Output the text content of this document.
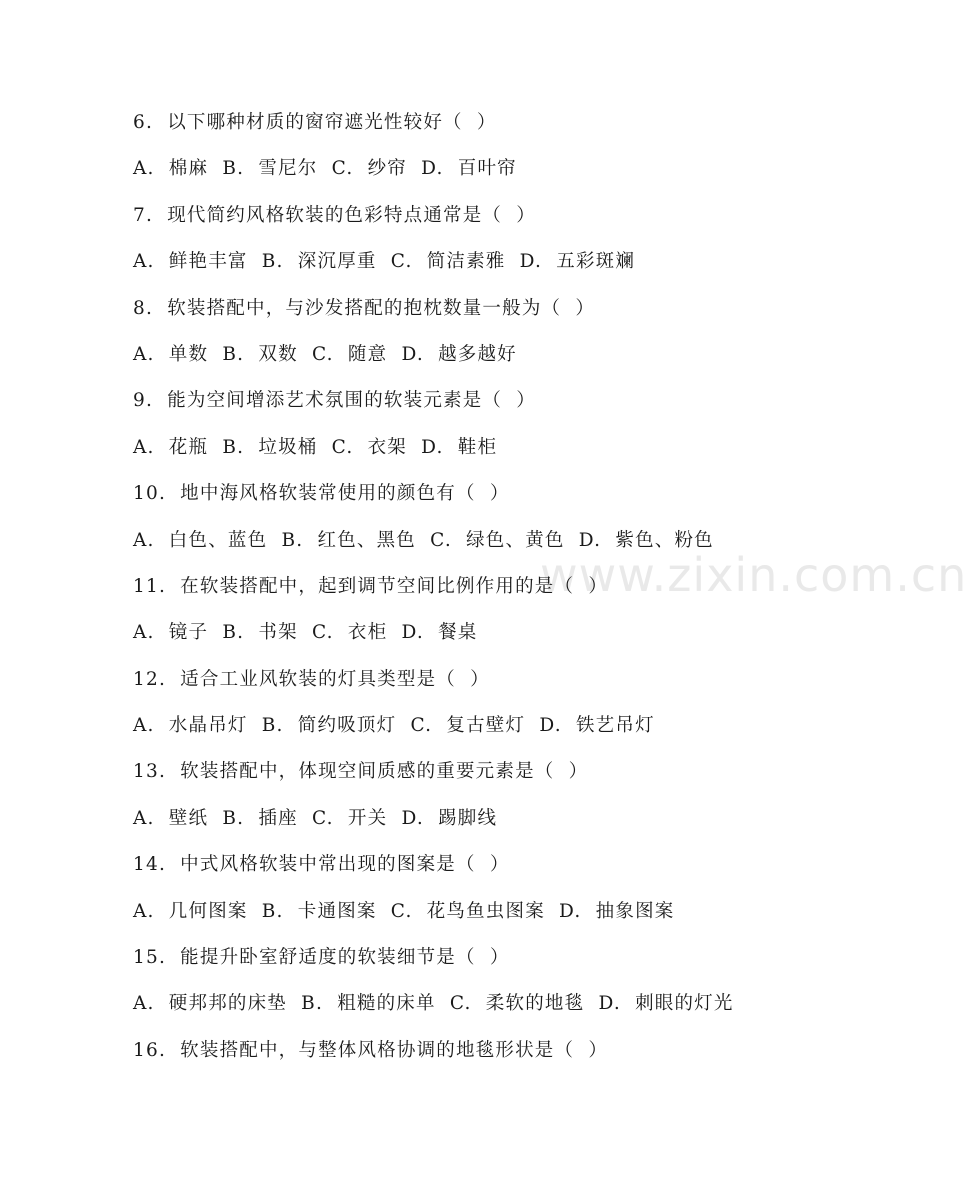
www.zixin.com.cn
6.  以下哪种材质的窗帘遮光性较好（  ）
A.  棉麻  B.  雪尼尔  C.  纱帘  D.  百叶帘
7.  现代简约风格软装的色彩特点通常是（  ）
A.  鲜艳丰富  B.  深沉厚重  C.  简洁素雅  D.  五彩斑斓
8.  软装搭配中，与沙发搭配的抱枕数量一般为（  ）
A.  单数  B.  双数  C.  随意  D.  越多越好
9.  能为空间增添艺术氛围的软装元素是（  ）
A.  花瓶  B.  垃圾桶  C.  衣架  D.  鞋柜
10.  地中海风格软装常使用的颜色有（  ）
A.  白色、蓝色  B.  红色、黑色  C.  绿色、黄色  D.  紫色、粉色
11.  在软装搭配中，起到调节空间比例作用的是（  ）
A.  镜子  B.  书架  C.  衣柜  D.  餐桌
12.  适合工业风软装的灯具类型是（  ）
A.  水晶吊灯  B.  简约吸顶灯  C.  复古壁灯  D.  铁艺吊灯
13.  软装搭配中，体现空间质感的重要元素是（  ）
A.  壁纸  B.  插座  C.  开关  D.  踢脚线
14.  中式风格软装中常出现的图案是（  ）
A.  几何图案  B.  卡通图案  C.  花鸟鱼虫图案  D.  抽象图案
15.  能提升卧室舒适度的软装细节是（  ）
A.  硬邦邦的床垫  B.  粗糙的床单  C.  柔软的地毯  D.  刺眼的灯光
16.  软装搭配中，与整体风格协调的地毯形状是（  ）
